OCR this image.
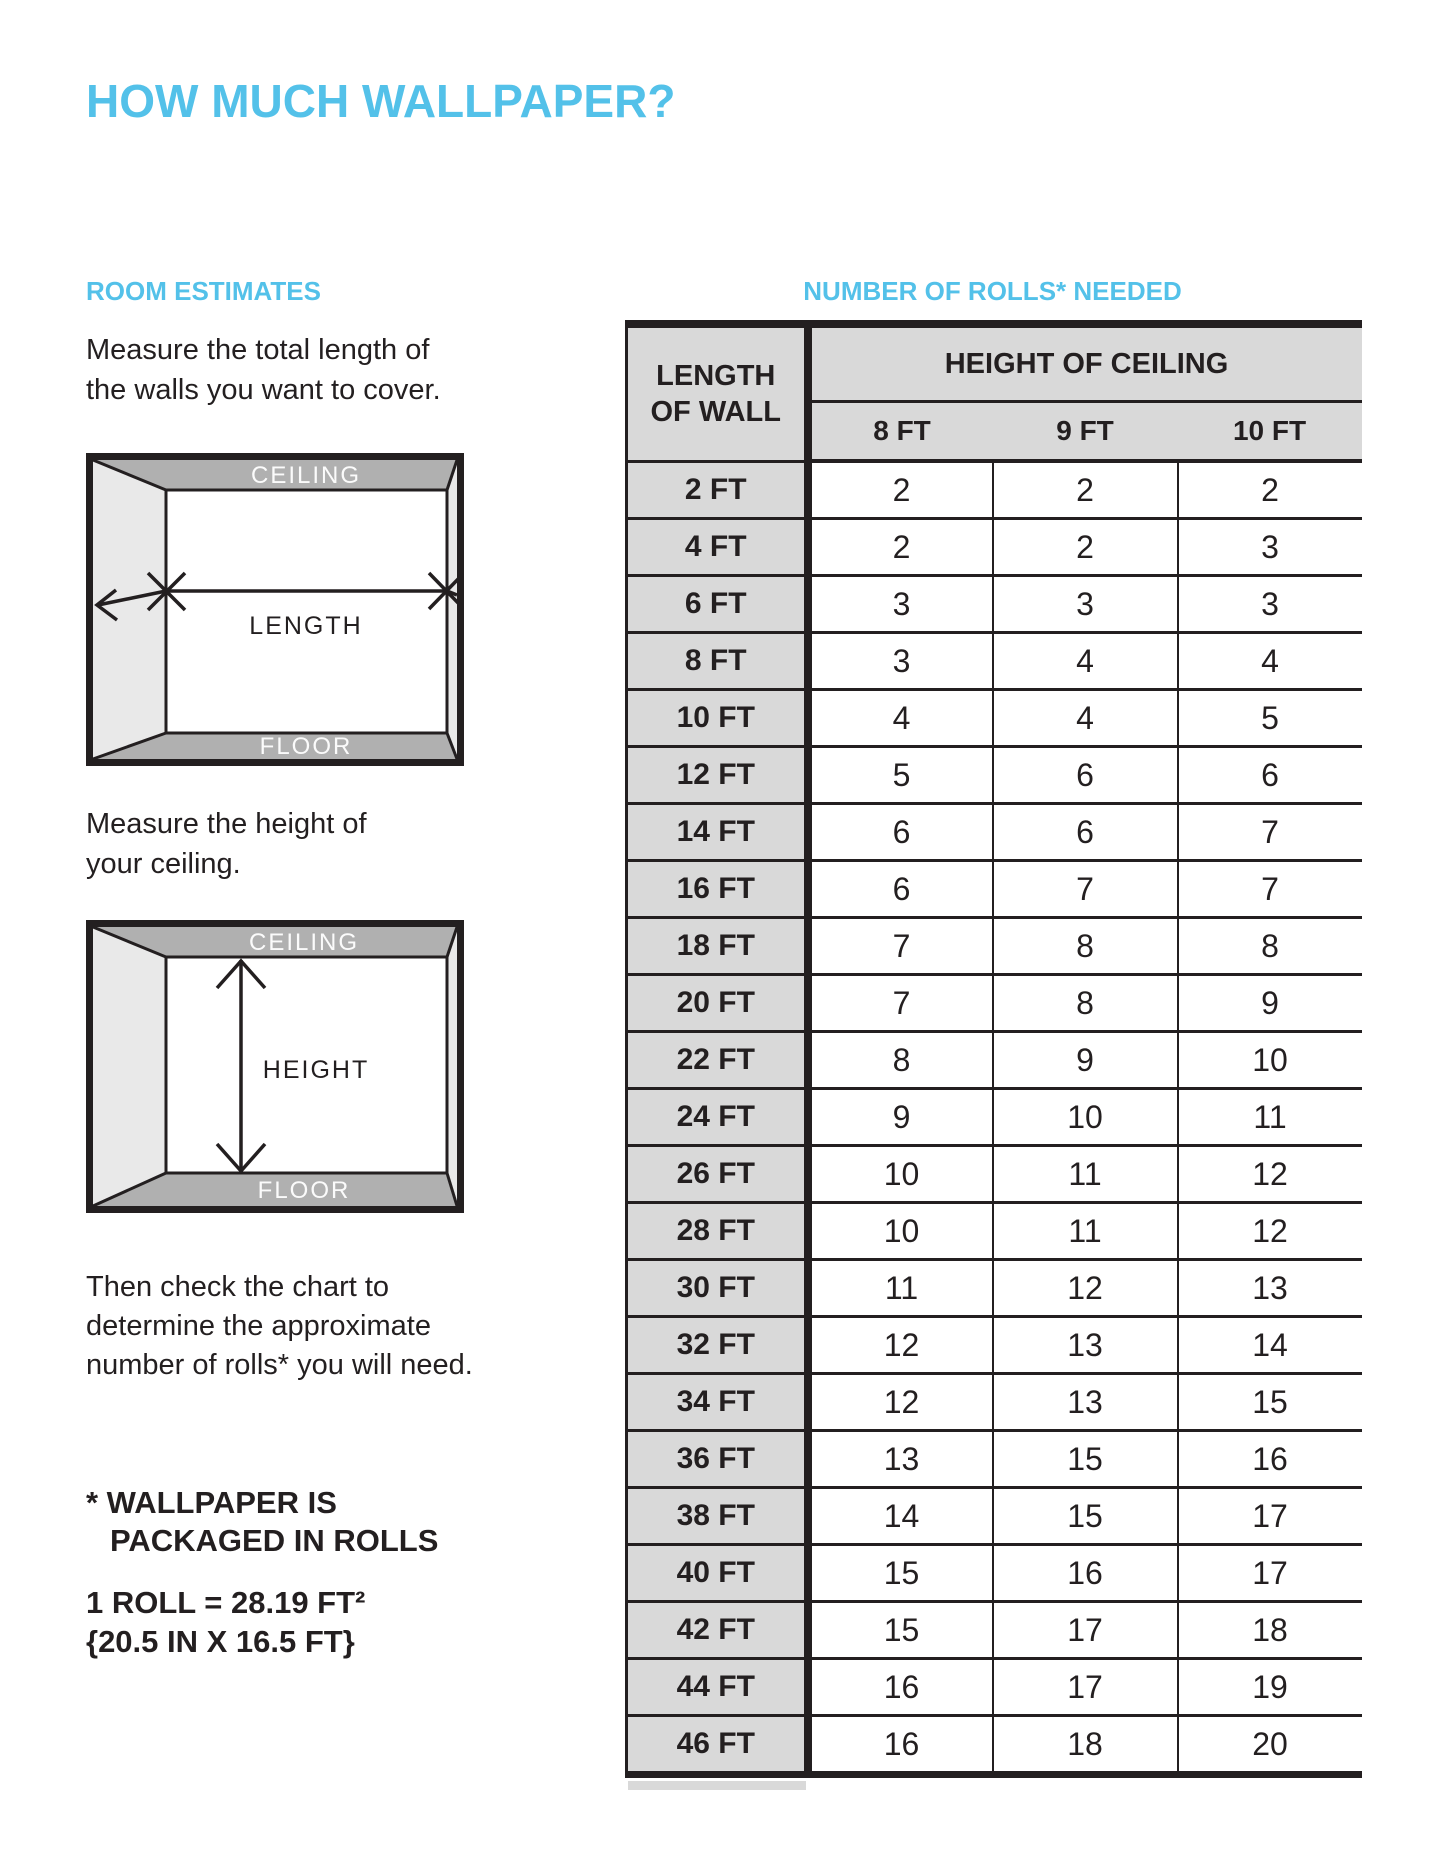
HOW MUCH WALLPAPER?
ROOM ESTIMATES	NUMBER OF ROLLS* NEEDED
Measure the total length of
the walls you want to cover.
CEILING
FLOOR
LENGTH
Measure the height of
your ceiling.
CEILING
FLOOR
HEIGHT
Then check the chart to
determine the approximate
number of rolls* you will need.
* WALLPAPER IS
PACKAGED IN ROLLS
1 ROLL = 28.19 FT²
{20.5 IN X 16.5 FT}
LENGTH
OF WALL	HEIGHT OF CEILING		
	8 FT	9 FT	10 FT
2 FT	2	2	2
4 FT	2	2	3
6 FT	3	3	3
8 FT	3	4	4
10 FT	4	4	5
12 FT	5	6	6
14 FT	6	6	7
16 FT	6	7	7
18 FT	7	8	8
20 FT	7	8	9
22 FT	8	9	10
24 FT	9	10	11
26 FT	10	11	12
28 FT	10	11	12
30 FT	11	12	13
32 FT	12	13	14
34 FT	12	13	15
36 FT	13	15	16
38 FT	14	15	17
40 FT	15	16	17
42 FT	15	17	18
44 FT	16	17	19
46 FT	16	18	20
